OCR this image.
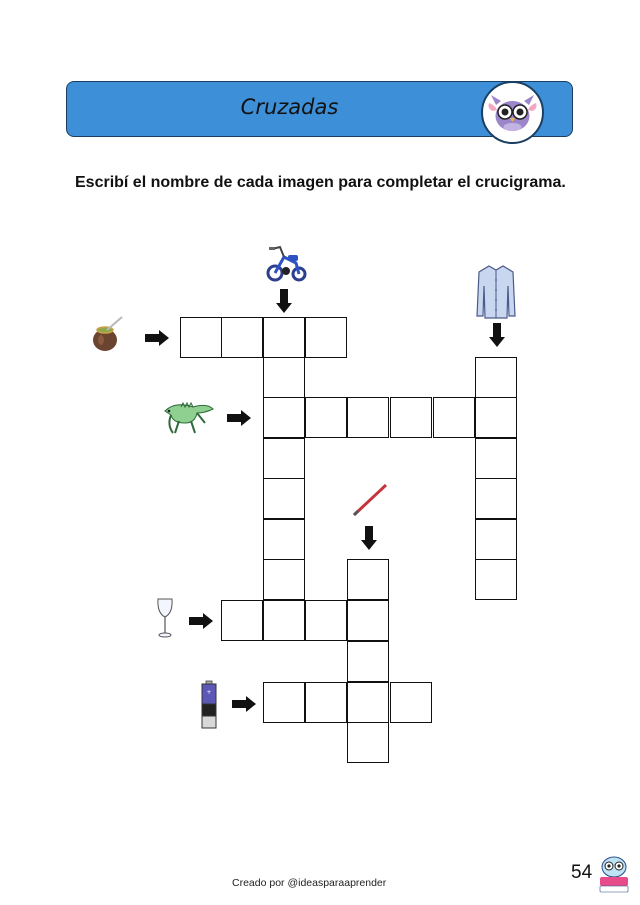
Cruzadas
Escribí el nombre de cada imagen para completar el crucigrama.
+
Creado por @ideasparaaprender	54
